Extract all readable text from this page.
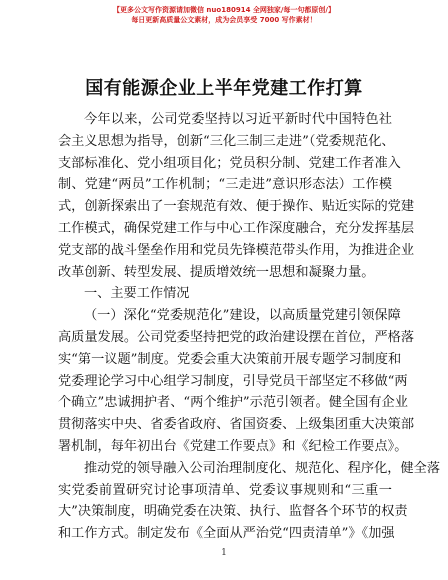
【更多公文写作资源请加微信 nuo180914 全网独家/每一句都原创/】
每日更新高质量公文素材，成为会员享受 7000 写作素材！
国有能源企业上半年党建工作打算
今年以来，公司党委坚持以习近平新时代中国特色社
会主义思想为指导，创新“三化三制三走进”（党委规范化、
支部标准化、党小组项目化；党员积分制、党建工作者准入
制、党建“两员”工作机制；“三走进”意识形态法）工作模
式，创新探索出了一套规范有效、便于操作、贴近实际的党建
工作模式，确保党建工作与中心工作深度融合，充分发挥基层
党支部的战斗堡垒作用和党员先锋模范带头作用，为推进企业
改革创新、转型发展、提质增效统一思想和凝聚力量。
一、主要工作情况
（一）深化“党委规范化”建设，以高质量党建引领保障
高质量发展。公司党委坚持把党的政治建设摆在首位，严格落
实“第一议题”制度。党委会重大决策前开展专题学习制度和
党委理论学习中心组学习制度，引导党员干部坚定不移做“两
个确立”忠诚拥护者、“两个维护”示范引领者。健全国有企业
贯彻落实中央、省委省政府、省国资委、上级集团重大决策部
署机制，每年初出台《党建工作要点》和《纪检工作要点》。
推动党的领导融入公司治理制度化、规范化、程序化，健全落
实党委前置研究讨论事项清单、党委议事规则和“三重一
大”决策制度，明确党委在决策、执行、监督各个环节的权责
和工作方式。制定发布《全面从严治党“四责清单”》《加强
1
